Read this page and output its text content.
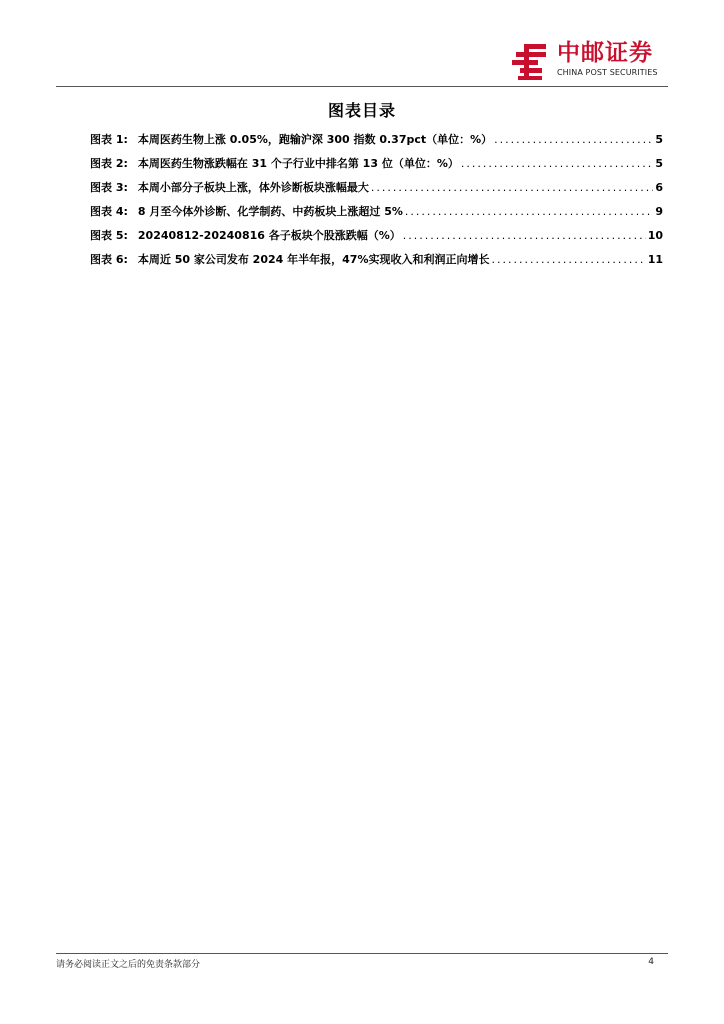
中邮证券
CHINA POST SECURITIES
图表目录
图表 1: 本周医药生物上涨 0.05%，跑输沪深 300 指数 0.37pct（单位：%） .....	5
图表 2: 本周医药生物涨跌幅在 31 个子行业中排名第 13 位（单位：%） .....	5
图表 3: 本周小部分子板块上涨，体外诊断板块涨幅最大 .....	6
图表 4: 8 月至今体外诊断、化学制药、中药板块上涨超过 5% .....	9
图表 5: 20240812-20240816 各子板块个股涨跌幅（%） .....	10
图表 6: 本周近 50 家公司发布 2024 年半年报，47%实现收入和利润正向增长 .....	11
请务必阅读正文之后的免责条款部分	4
